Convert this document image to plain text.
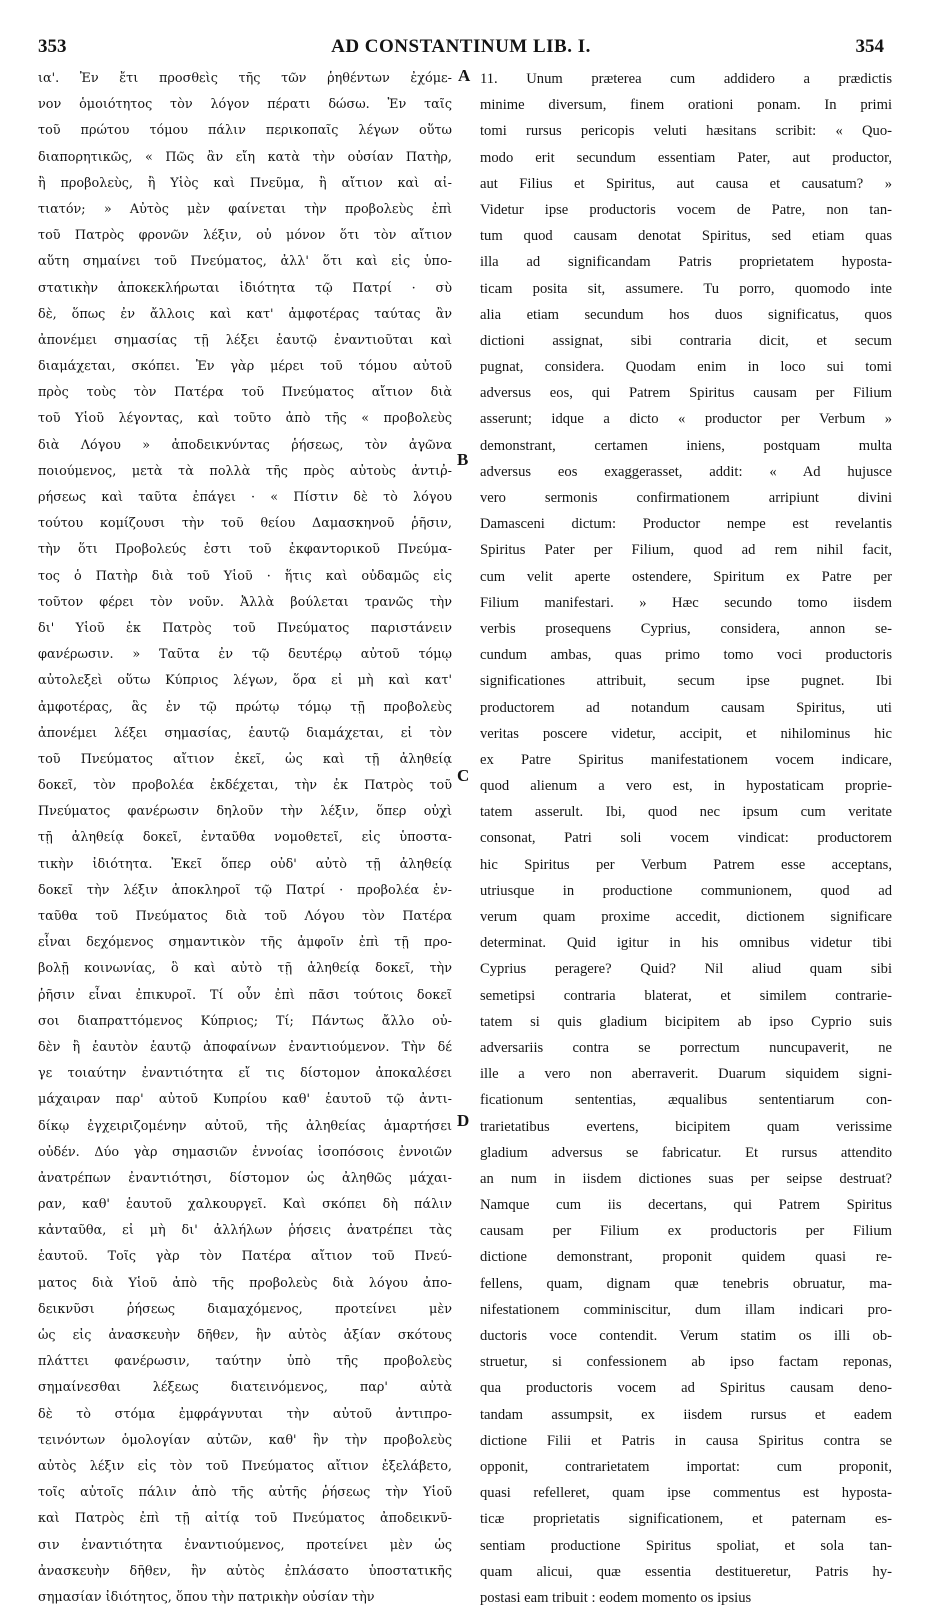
353	AD CONSTANTINUM LIB. I.	354
ια'. Ἐν ἔτι προσθεὶς τῆς τῶν ῥηθέντων ἐχόμε-
νον ὁμοιότητος τὸν λόγον πέρατι δώσω. Ἐν ταῖς
τοῦ πρώτου τόμου πάλιν περικοπαῖς λέγων οὕτω
διαπορητικῶς, « Πῶς ἂν εἴη κατὰ τὴν οὐσίαν Πατὴρ,
ἢ προβολεὺς, ἢ Υἱὸς καὶ Πνεῦμα, ἢ αἴτιον καὶ αἰ-
τιατόν; » Αὐτὸς μὲν φαίνεται τὴν προβολεὺς ἐπὶ
τοῦ Πατρὸς φρονῶν λέξιν, οὐ μόνον ὅτι τὸν αἴτιον
αὕτη σημαίνει τοῦ Πνεύματος, ἀλλ' ὅτι καὶ εἰς ὑπο-
στατικὴν ἀποκεκλήρωται ἰδιότητα τῷ Πατρί · σὺ
δὲ, ὅπως ἐν ἄλλοις καὶ κατ' ἀμφοτέρας ταύτας ἂν
ἀπονέμει σημασίας τῇ λέξει ἑαυτῷ ἐναντιοῦται καὶ
διαμάχεται, σκόπει. Ἐν γὰρ μέρει τοῦ τόμου αὐτοῦ
πρὸς τοὺς τὸν Πατέρα τοῦ Πνεύματος αἴτιον διὰ
τοῦ Υἱοῦ λέγοντας, καὶ τοῦτο ἀπὸ τῆς « προβολεὺς
διὰ Λόγου » ἀποδεικνύντας ῥήσεως, τὸν ἀγῶνα
ποιούμενος, μετὰ τὰ πολλὰ τῆς πρὸς αὐτοὺς ἀντιῤ-
ρήσεως καὶ ταῦτα ἐπάγει · « Πίστιν δὲ τὸ λόγου
τούτου κομίζουσι τὴν τοῦ θείου Δαμασκηνοῦ ῥῆσιν,
τὴν ὅτι Προβολεύς ἐστι τοῦ ἐκφαντορικοῦ Πνεύμα-
τος ὁ Πατὴρ διὰ τοῦ Υἱοῦ · ἥτις καὶ οὐδαμῶς εἰς
τοῦτον φέρει τὸν νοῦν. Ἀλλὰ βούλεται τρανῶς τὴν
δι' Υἱοῦ ἐκ Πατρὸς τοῦ Πνεύματος παριστάνειν
φανέρωσιν. » Ταῦτα ἐν τῷ δευτέρῳ αὐτοῦ τόμῳ
αὐτολεξεὶ οὕτω Κύπριος λέγων, ὅρα εἰ μὴ καὶ κατ'
ἀμφοτέρας, ἃς ἐν τῷ πρώτῳ τόμῳ τῇ προβολεὺς
ἀπονέμει λέξει σημασίας, ἑαυτῷ διαμάχεται, εἰ τὸν
τοῦ Πνεύματος αἴτιον ἐκεῖ, ὡς καὶ τῇ ἀληθείᾳ
δοκεῖ, τὸν προβολέα ἐκδέχεται, τὴν ἐκ Πατρὸς τοῦ
Πνεύματος φανέρωσιν δηλοῦν τὴν λέξιν, ὅπερ οὐχὶ
τῇ ἀληθείᾳ δοκεῖ, ἐνταῦθα νομοθετεῖ, εἰς ὑποστα-
τικὴν ἰδιότητα. Ἐκεῖ ὅπερ οὐδ' αὐτὸ τῇ ἀληθείᾳ
δοκεῖ τὴν λέξιν ἀποκληροῖ τῷ Πατρί · προβολέα ἐν-
ταῦθα τοῦ Πνεύματος διὰ τοῦ Λόγου τὸν Πατέρα
εἶναι δεχόμενος σημαντικὸν τῆς ἀμφοῖν ἐπὶ τῇ προ-
βολῇ κοινωνίας, ὃ καὶ αὐτὸ τῇ ἀληθείᾳ δοκεῖ, τὴν
ῥῆσιν εἶναι ἐπικυροῖ. Τί οὖν ἐπὶ πᾶσι τούτοις δοκεῖ
σοι διαπραττόμενος Κύπριος; Τί; Πάντως ἄλλο οὐ-
δὲν ἢ ἑαυτὸν ἑαυτῷ ἀποφαίνων ἐναντιούμενον. Τὴν δέ
γε τοιαύτην ἐναντιότητα εἴ τις δίστομον ἀποκαλέσει
μάχαιραν παρ' αὐτοῦ Κυπρίου καθ' ἑαυτοῦ τῷ ἀντι-
δίκῳ ἐγχειριζομένην αὐτοῦ, τῆς ἀληθείας ἁμαρτήσει
οὐδέν. Δύο γὰρ σημασιῶν ἐννοίας ἰσοπόσοις ἐννοιῶν
ἀνατρέπων ἐναντιότησι, δίστομον ὡς ἀληθῶς μάχαι-
ραν, καθ' ἑαυτοῦ χαλκουργεῖ. Καὶ σκόπει δὴ πάλιν
κἀνταῦθα, εἰ μὴ δι' ἀλλήλων ῥήσεις ἀνατρέπει τὰς
ἑαυτοῦ. Τοῖς γὰρ τὸν Πατέρα αἴτιον τοῦ Πνεύ-
ματος διὰ Υἱοῦ ἀπὸ τῆς προβολεὺς διὰ λόγου ἀπο-
δεικνῦσι ῥήσεως διαμαχόμενος, προτείνει μὲν
ὡς εἰς ἀνασκευὴν δῆθεν, ἣν αὐτὸς ἀξίαν σκότους
πλάττει φανέρωσιν, ταύτην ὑπὸ τῆς προβολεὺς
σημαίνεσθαι λέξεως διατεινόμενος, παρ' αὐτὰ
δὲ τὸ στόμα ἐμφράγνυται τὴν αὐτοῦ ἀντιπρο-
τεινόντων ὁμολογίαν αὐτῶν, καθ' ἣν τὴν προβολεὺς
αὐτὸς λέξιν εἰς τὸν τοῦ Πνεύματος αἴτιον ἐξελάβετο,
τοῖς αὐτοῖς πάλιν ἀπὸ τῆς αὐτῆς ῥήσεως τὴν Υἱοῦ
καὶ Πατρὸς ἐπὶ τῇ αἰτίᾳ τοῦ Πνεύματος ἀποδεικνῦ-
σιν ἐναντιότητα ἐναντιούμενος, προτείνει μὲν ὡς
ἀνασκευὴν δῆθεν, ἣν αὐτὸς ἐπλάσατο ὑποστατικῆς
σημασίαν ἰδιότητος, ὅπου τὴν πατρικὴν οὐσίαν τὴν
11. Unum prӕterea cum addidero a prӕdictis
minime diversum, finem orationi ponam. In primi
tomi rursus pericopis veluti hӕsitans scribit: « Quo-
modo erit secundum essentiam Pater, aut productor,
aut Filius et Spiritus, aut causa et causatum? »
Videtur ipse productoris vocem de Patre, non tan-
tum quod causam denotat Spiritus, sed etiam quas
illa ad significandam Patris proprietatem hyposta-
ticam posita sit, assumere. Tu porro, quomodo inte
alia etiam secundum hos duos significatus, quos
dictioni assignat, sibi contraria dicit, et secum
pugnat, considera. Quodam enim in loco sui tomi
adversus eos, qui Patrem Spiritus causam per Filium
asserunt; idque a dicto « productor per Verbum »
demonstrant, certamen iniens, postquam multa
adversus eos exaggerasset, addit: « Ad hujusce
vero sermonis confirmationem arripiunt divini
Damasceni dictum: Productor nempe est revelantis
Spiritus Pater per Filium, quod ad rem nihil facit,
cum velit aperte ostendere, Spiritum ex Patre per
Filium manifestari. » Hӕc secundo tomo iisdem
verbis prosequens Cyprius, considera, annon se-
cundum ambas, quas primo tomo voci productoris
significationes attribuit, secum ipse pugnet. Ibi
productorem ad notandum causam Spiritus, uti
veritas poscere videtur, accipit, et nihilominus hic
ex Patre Spiritus manifestationem vocem indicare,
quod alienum a vero est, in hypostaticam proprie-
tatem asserult. Ibi, quod nec ipsum cum veritate
consonat, Patri soli vocem vindicat: productorem
hic Spiritus per Verbum Patrem esse acceptans,
utriusque in productione communionem, quod ad
verum quam proxime accedit, dictionem significare
determinat. Quid igitur in his omnibus videtur tibi
Cyprius peragere? Quid? Nil aliud quam sibi
semetipsi contraria blaterat, et similem contrarie-
tatem si quis gladium bicipitem ab ipso Cyprio suis
adversariis contra se porrectum nuncupaverit, ne
ille a vero non aberraverit. Duarum siquidem signi-
ficationum sententias, ӕqualibus sententiarum con-
trarietatibus evertens, bicipitem quam verissime
gladium adversus se fabricatur. Et rursus attendito
an num in iisdem dictiones suas per seipse destruat?
Namque cum iis decertans, qui Patrem Spiritus
causam per Filium ex productoris per Filium
dictione demonstrant, proponit quidem quasi re-
fellens, quam, dignam quӕ tenebris obruatur, ma-
nifestationem comminiscitur, dum illam indicari pro-
ductoris voce contendit. Verum statim os illi ob-
struetur, si confessionem ab ipso factam reponas,
qua productoris vocem ad Spiritus causam deno-
tandam assumpsit, ex iisdem rursus et eadem
dictione Filii et Patris in causa Spiritus contra se
opponit, contrarietatem importat: cum proponit,
quasi refelleret, quam ipse commentus est hyposta-
ticӕ proprietatis significationem, et paternam es-
sentiam productione Spiritus spoliat, et sola tan-
quam alicui, quӕ essentia destitueretur, Patris hy-
postasi eam tribuit : eodem momento os ipsius
A
B
C
D
